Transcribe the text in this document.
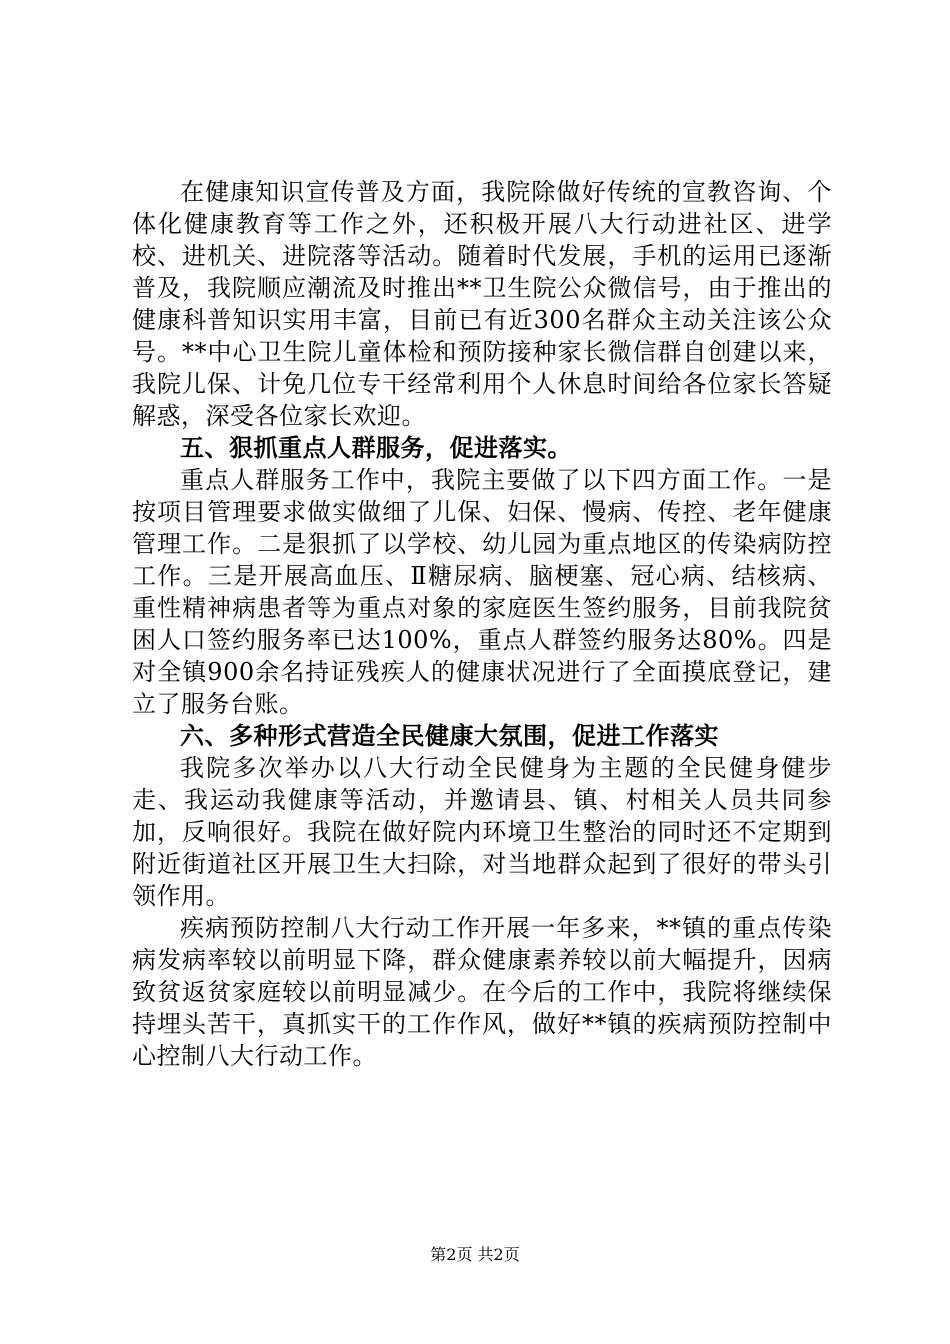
在健康知识宣传普及方面，我院除做好传统的宣教咨询、个体化健康教育等工作之外，还积极开展八大行动进社区、进学校、进机关、进院落等活动。随着时代发展，手机的运用已逐渐普及，我院顺应潮流及时推出**卫生院公众微信号，由于推出的健康科普知识实用丰富，目前已有近300名群众主动关注该公众号。**中心卫生院儿童体检和预防接种家长微信群自创建以来，我院儿保、计免几位专干经常利用个人休息时间给各位家长答疑解惑，深受各位家长欢迎。

五、狠抓重点人群服务，促进落实。

重点人群服务工作中，我院主要做了以下四方面工作。一是按项目管理要求做实做细了儿保、妇保、慢病、传控、老年健康管理工作。二是狠抓了以学校、幼儿园为重点地区的传染病防控工作。三是开展高血压、Ⅱ糖尿病、脑梗塞、冠心病、结核病、重性精神病患者等为重点对象的家庭医生签约服务，目前我院贫困人口签约服务率已达100%，重点人群签约服务达80%。四是对全镇900余名持证残疾人的健康状况进行了全面摸底登记，建立了服务台账。

六、多种形式营造全民健康大氛围，促进工作落实

我院多次举办以八大行动全民健身为主题的全民健身健步走、我运动我健康等活动，并邀请县、镇、村相关人员共同参加，反响很好。我院在做好院内环境卫生整治的同时还不定期到附近街道社区开展卫生大扫除，对当地群众起到了很好的带头引领作用。

疾病预防控制八大行动工作开展一年多来，**镇的重点传染病发病率较以前明显下降，群众健康素养较以前大幅提升，因病致贫返贫家庭较以前明显减少。在今后的工作中，我院将继续保持埋头苦干，真抓实干的工作作风，做好**镇的疾病预防控制中心控制八大行动工作。

第2页 共2页
